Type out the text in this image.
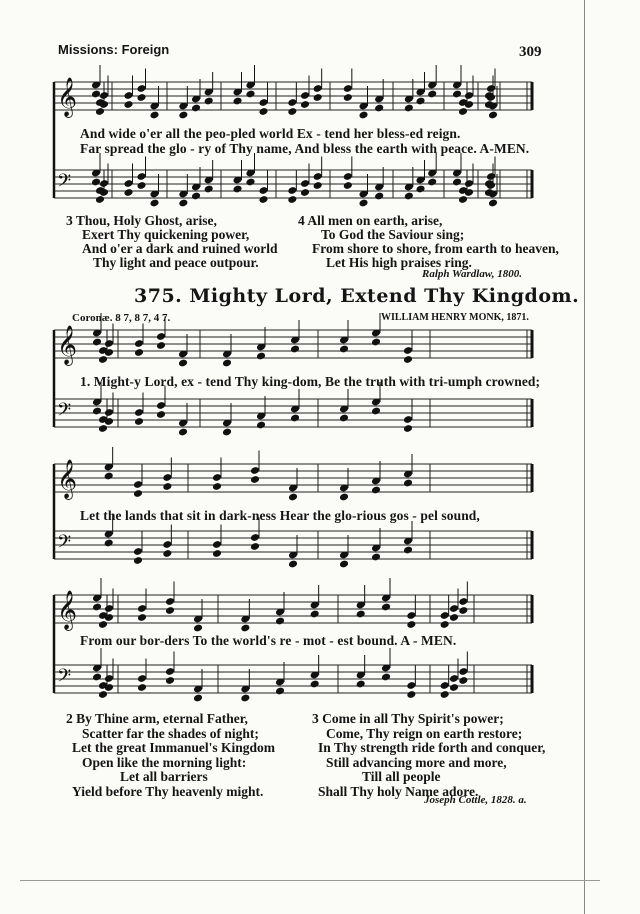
Missions: Foreign	309
𝄞
𝄢
𝄞
𝄢
𝄞
𝄢
𝄞
𝄢
And wide o'er all the peo-pled world Ex - tend her bless-ed reign.
Far spread the glo - ry of Thy name, And bless the earth with peace. A-MEN.
3 Thou, Holy Ghost, arise,
Exert Thy quickening power,
And o'er a dark and ruined world
Thy light and peace outpour.
4 All men on earth, arise,
To God the Saviour sing;
From shore to shore, from earth to heaven,
Let His high praises ring.
Ralph Wardlaw, 1800.
375. Mighty Lord, Extend Thy Kingdom.
Coronæ. 8 7, 8 7, 4 7.	WILLIAM HENRY MONK, 1871.
1. Might-y Lord, ex - tend Thy king-dom, Be the truth with tri-umph crowned;
Let the lands that sit in dark-ness Hear the glo-rious gos - pel sound,
From our bor-ders To the world's re - mot - est bound. A - MEN.
2 By Thine arm, eternal Father,
Scatter far the shades of night;
Let the great Immanuel's Kingdom
Open like the morning light:
Let all barriers
Yield before Thy heavenly might.
3 Come in all Thy Spirit's power;
Come, Thy reign on earth restore;
In Thy strength ride forth and conquer,
Still advancing more and more,
Till all people
Shall Thy holy Name adore.
Joseph Cottle, 1828. a.
